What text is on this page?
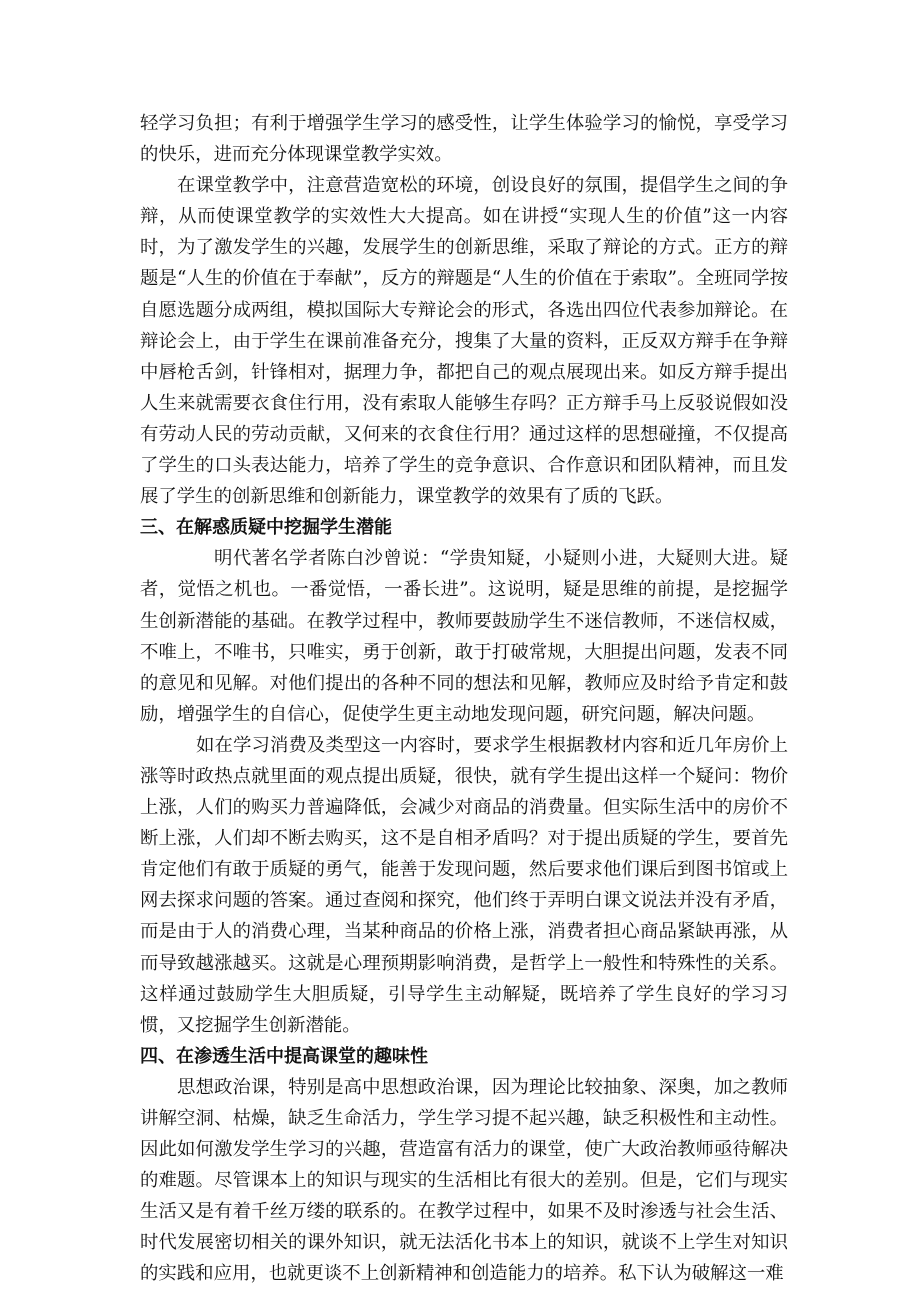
轻学习负担；有利于增强学生学习的感受性，让学生体验学习的愉悦，享受学习的快乐，进而充分体现课堂教学实效。

在课堂教学中，注意营造宽松的环境，创设良好的氛围，提倡学生之间的争辩，从而使课堂教学的实效性大大提高。如在讲授“实现人生的价值”这一内容时，为了激发学生的兴趣，发展学生的创新思维，采取了辩论的方式。正方的辩题是“人生的价值在于奉献”，反方的辩题是“人生的价值在于索取”。全班同学按自愿选题分成两组，模拟国际大专辩论会的形式，各选出四位代表参加辩论。在辩论会上，由于学生在课前准备充分，搜集了大量的资料，正反双方辩手在争辩中唇枪舌剑，针锋相对，据理力争，都把自己的观点展现出来。如反方辩手提出人生来就需要衣食住行用，没有索取人能够生存吗？正方辩手马上反驳说假如没有劳动人民的劳动贡献，又何来的衣食住行用？通过这样的思想碰撞，不仅提高了学生的口头表达能力，培养了学生的竞争意识、合作意识和团队精神，而且发展了学生的创新思维和创新能力，课堂教学的效果有了质的飞跃。

三、在解惑质疑中挖掘学生潜能

明代著名学者陈白沙曾说：“学贵知疑，小疑则小进，大疑则大进。疑者，觉悟之机也。一番觉悟，一番长进”。这说明，疑是思维的前提，是挖掘学生创新潜能的基础。在教学过程中，教师要鼓励学生不迷信教师，不迷信权威，不唯上，不唯书，只唯实，勇于创新，敢于打破常规，大胆提出问题，发表不同的意见和见解。对他们提出的各种不同的想法和见解，教师应及时给予肯定和鼓励，增强学生的自信心，促使学生更主动地发现问题，研究问题，解决问题。

如在学习消费及类型这一内容时，要求学生根据教材内容和近几年房价上涨等时政热点就里面的观点提出质疑，很快，就有学生提出这样一个疑问：物价上涨，人们的购买力普遍降低，会减少对商品的消费量。但实际生活中的房价不断上涨，人们却不断去购买，这不是自相矛盾吗？对于提出质疑的学生，要首先肯定他们有敢于质疑的勇气，能善于发现问题，然后要求他们课后到图书馆或上网去探求问题的答案。通过查阅和探究，他们终于弄明白课文说法并没有矛盾，而是由于人的消费心理，当某种商品的价格上涨，消费者担心商品紧缺再涨，从而导致越涨越买。这就是心理预期影响消费，是哲学上一般性和特殊性的关系。这样通过鼓励学生大胆质疑，引导学生主动解疑，既培养了学生良好的学习习惯，又挖掘学生创新潜能。

四、在渗透生活中提高课堂的趣味性

思想政治课，特别是高中思想政治课，因为理论比较抽象、深奥，加之教师讲解空洞、枯燥，缺乏生命活力，学生学习提不起兴趣，缺乏积极性和主动性。因此如何激发学生学习的兴趣，营造富有活力的课堂，使广大政治教师亟待解决的难题。尽管课本上的知识与现实的生活相比有很大的差别。但是，它们与现实生活又是有着千丝万缕的联系的。在教学过程中，如果不及时渗透与社会生活、时代发展密切相关的课外知识，就无法活化书本上的知识，就谈不上学生对知识的实践和应用，也就更谈不上创新精神和创造能力的培养。私下认为破解这一难
